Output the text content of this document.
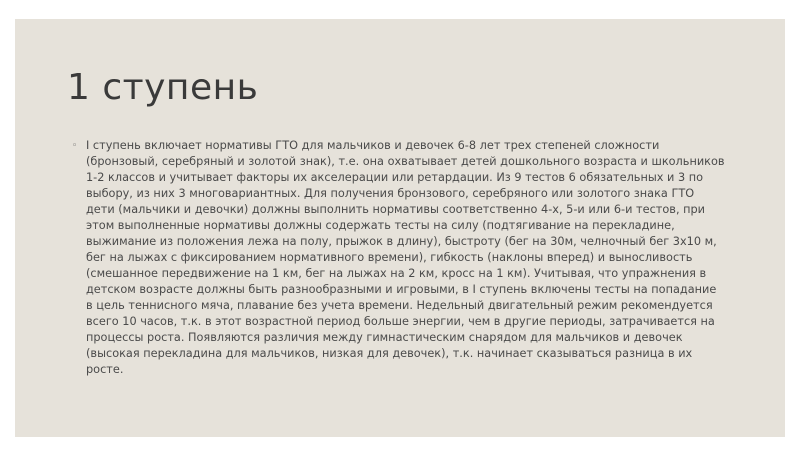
1 ступень
◦ I ступень включает нормативы ГТО для мальчиков и девочек 6-8 лет трех степеней сложности (бронзовый, серебряный и золотой знак), т.е. она охватывает детей дошкольного возраста и школьников 1-2 классов и учитывает факторы их акселерации или ретардации. Из 9 тестов 6 обязательных и 3 по выбору, из них 3 многовариантных. Для получения бронзового, серебряного или золотого знака ГТО дети (мальчики и девочки) должны выполнить нормативы соответственно 4-х, 5-и или 6-и тестов, при этом выполненные нормативы должны содержать тесты на силу (подтягивание на перекладине, выжимание из положения лежа на полу, прыжок в длину), быстроту (бег на 30м, челночный бег 3х10 м, бег на лыжах с фиксированием нормативного времени), гибкость (наклоны вперед) и выносливость (смешанное передвижение на 1 км, бег на лыжах на 2 км, кросс на 1 км). Учитывая, что упражнения в детском возрасте должны быть разнообразными и игровыми, в I ступень включены тесты на попадание в цель теннисного мяча, плавание без учета времени. Недельный двигательный режим рекомендуется всего 10 часов, т.к. в этот возрастной период больше энергии, чем в другие периоды, затрачивается на процессы роста. Появляются различия между гимнастическим снарядом для мальчиков и девочек (высокая перекладина для мальчиков, низкая для девочек), т.к. начинает сказываться разница в их росте.
